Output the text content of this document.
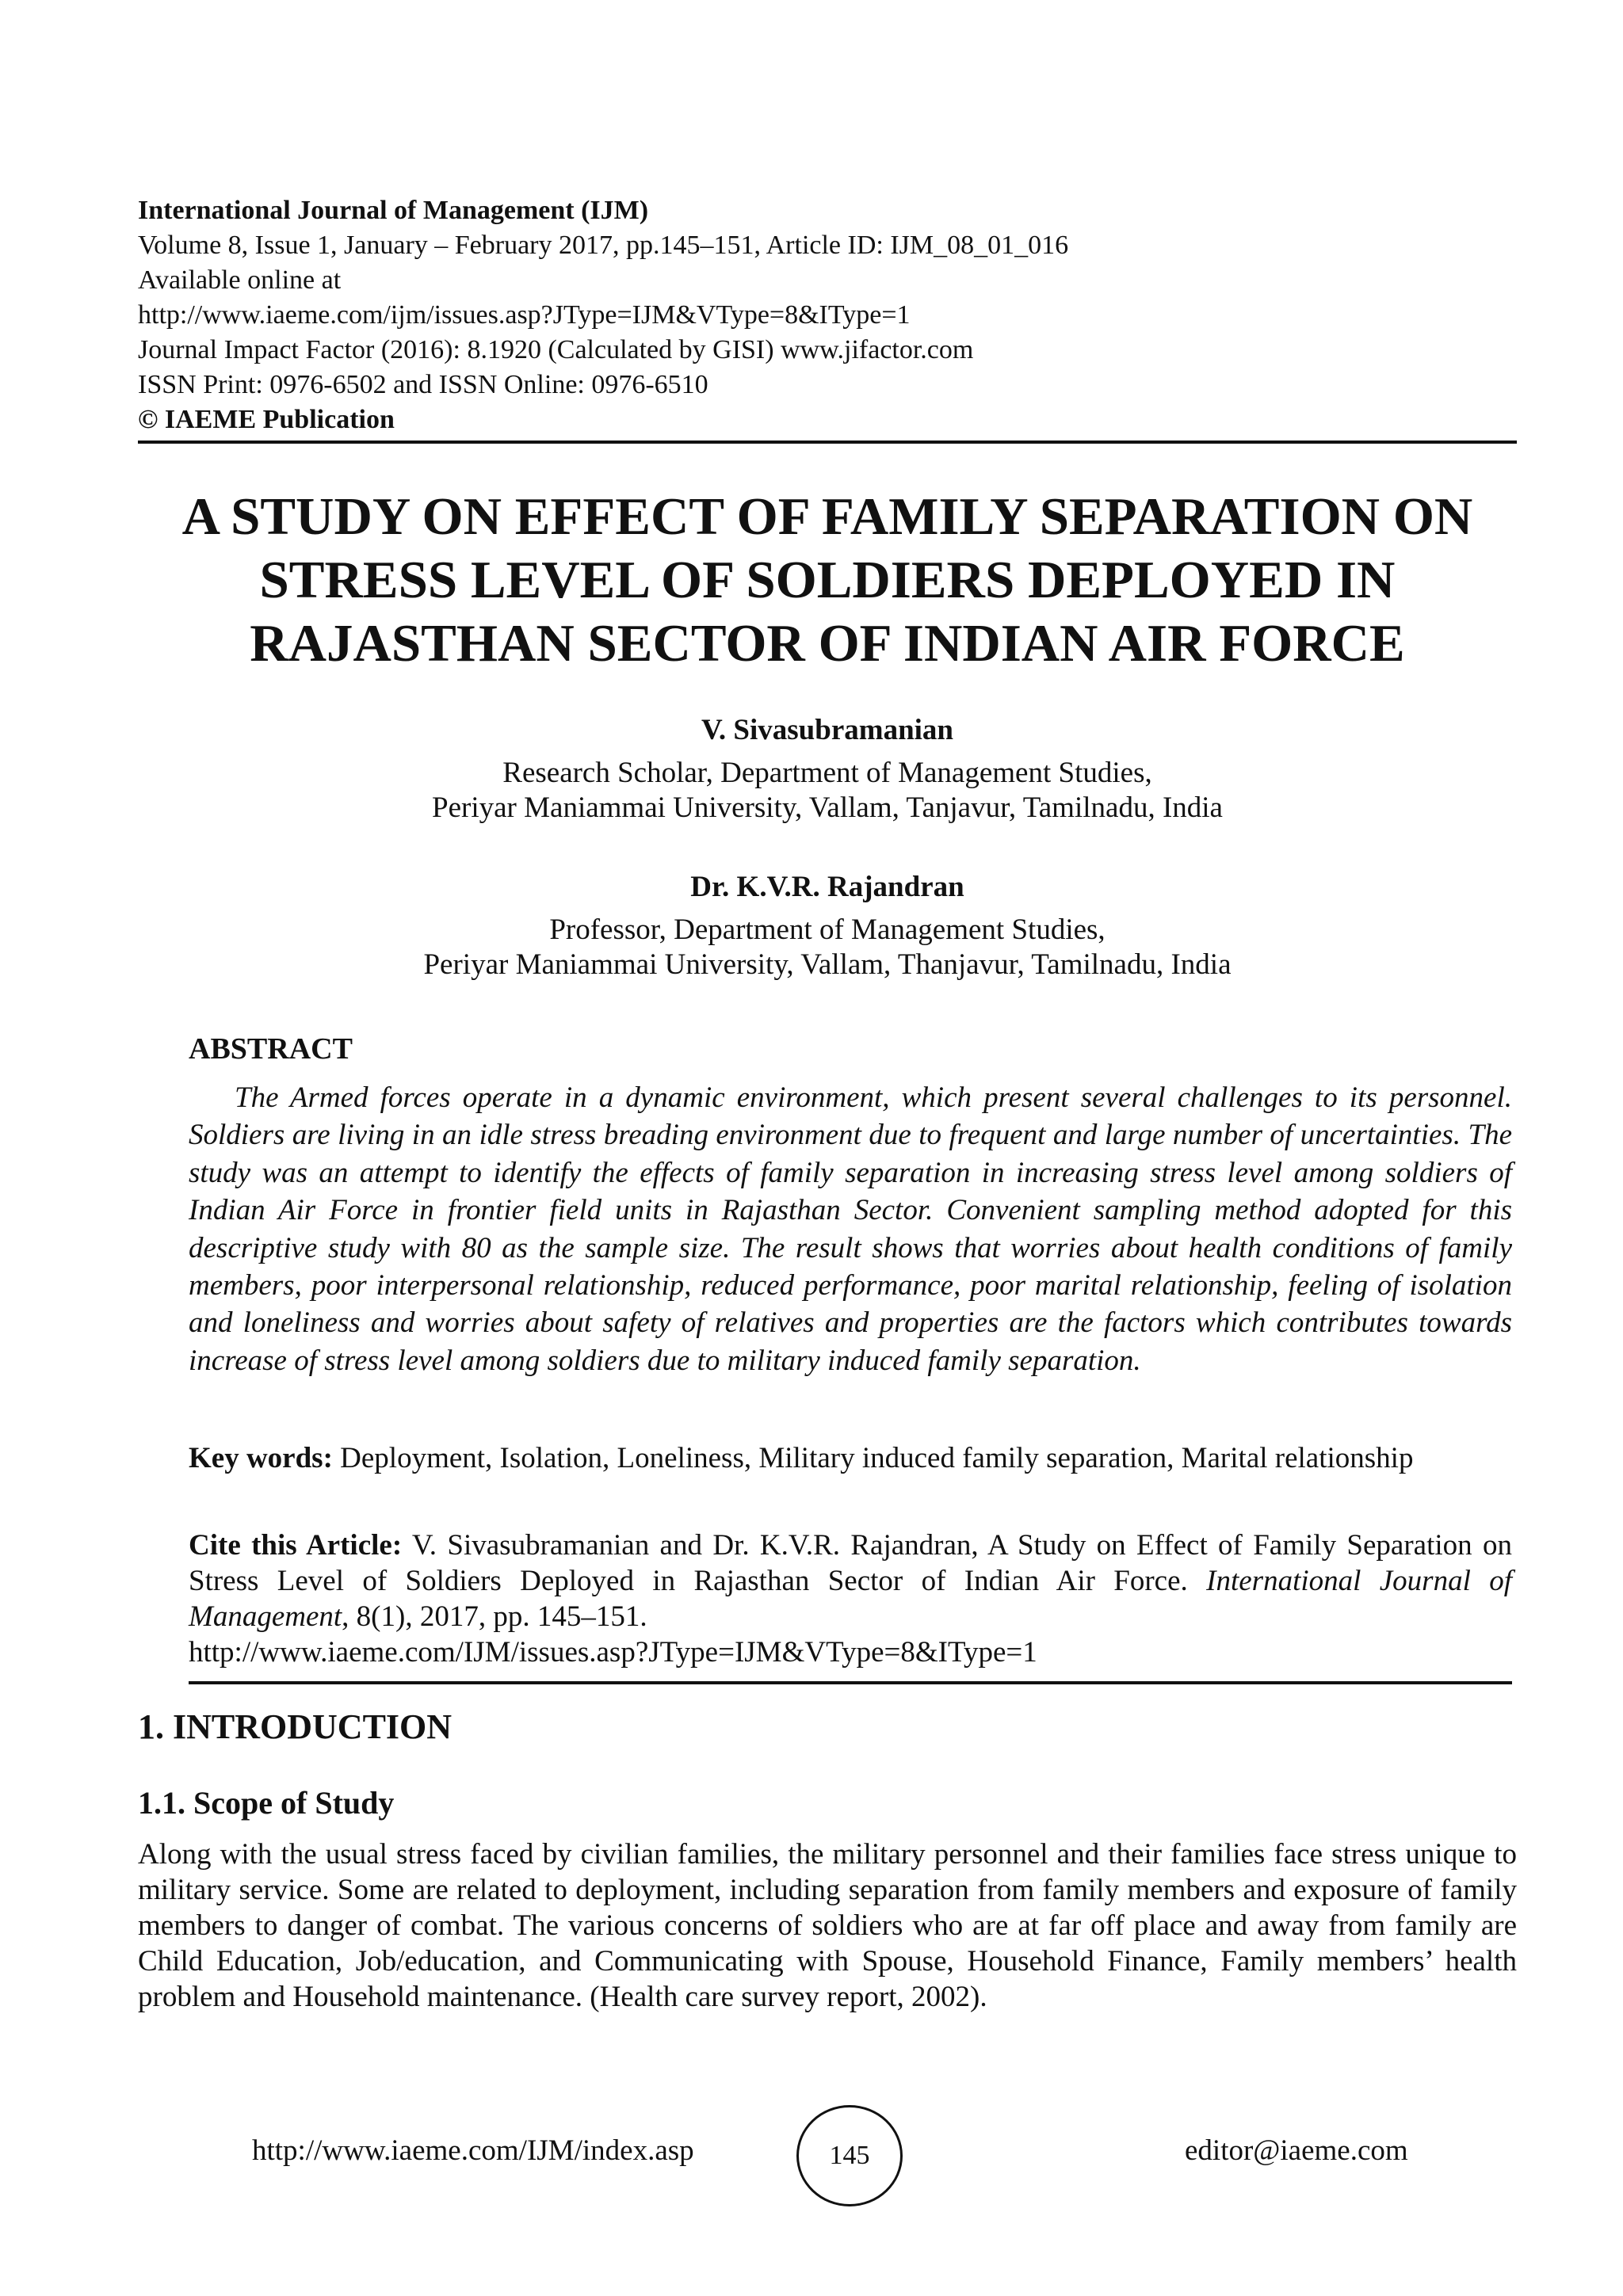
International Journal of Management (IJM)
Volume 8, Issue 1, January – February 2017, pp.145–151, Article ID: IJM_08_01_016
Available online at
http://www.iaeme.com/ijm/issues.asp?JType=IJM&VType=8&IType=1
Journal Impact Factor (2016): 8.1920 (Calculated by GISI) www.jifactor.com
ISSN Print: 0976-6502 and ISSN Online: 0976-6510
© IAEME Publication
A STUDY ON EFFECT OF FAMILY SEPARATION ON
STRESS LEVEL OF SOLDIERS DEPLOYED IN
RAJASTHAN SECTOR OF INDIAN AIR FORCE
V. Sivasubramanian
Research Scholar, Department of Management Studies,
Periyar Maniammai University, Vallam, Tanjavur, Tamilnadu, India
Dr. K.V.R. Rajandran
Professor, Department of Management Studies,
Periyar Maniammai University, Vallam, Thanjavur, Tamilnadu, India
ABSTRACT

The Armed forces operate in a dynamic environment, which present several challenges to its personnel. Soldiers are living in an idle stress breading environment due to frequent and large number of uncertainties. The study was an attempt to identify the effects of family separation in increasing stress level among soldiers of Indian Air Force in frontier field units in Rajasthan Sector. Convenient sampling method adopted for this descriptive study with 80 as the sample size. The result shows that worries about health conditions of family members, poor interpersonal relationship, reduced performance, poor marital relationship, feeling of isolation and loneliness and worries about safety of relatives and properties are the factors which contributes towards increase of stress level among soldiers due to military induced family separation.

Key words: Deployment, Isolation, Loneliness, Military induced family separation, Marital relationship

Cite this Article: V. Sivasubramanian and Dr. K.V.R. Rajandran, A Study on Effect of Family Separation on Stress Level of Soldiers Deployed in Rajasthan Sector of Indian Air Force. International Journal of Management, 8(1), 2017, pp. 145–151.
http://www.iaeme.com/IJM/issues.asp?JType=IJM&VType=8&IType=1

1. INTRODUCTION
1.1. Scope of Study

Along with the usual stress faced by civilian families, the military personnel and their families face stress unique to military service. Some are related to deployment, including separation from family members and exposure of family members to danger of combat. The various concerns of soldiers who are at far off place and away from family are Child Education, Job/education, and Communicating with Spouse, Household Finance, Family members’ health problem and Household maintenance. (Health care survey report, 2002).

http://www.iaeme.com/IJM/index.asp	145	editor@iaeme.com
